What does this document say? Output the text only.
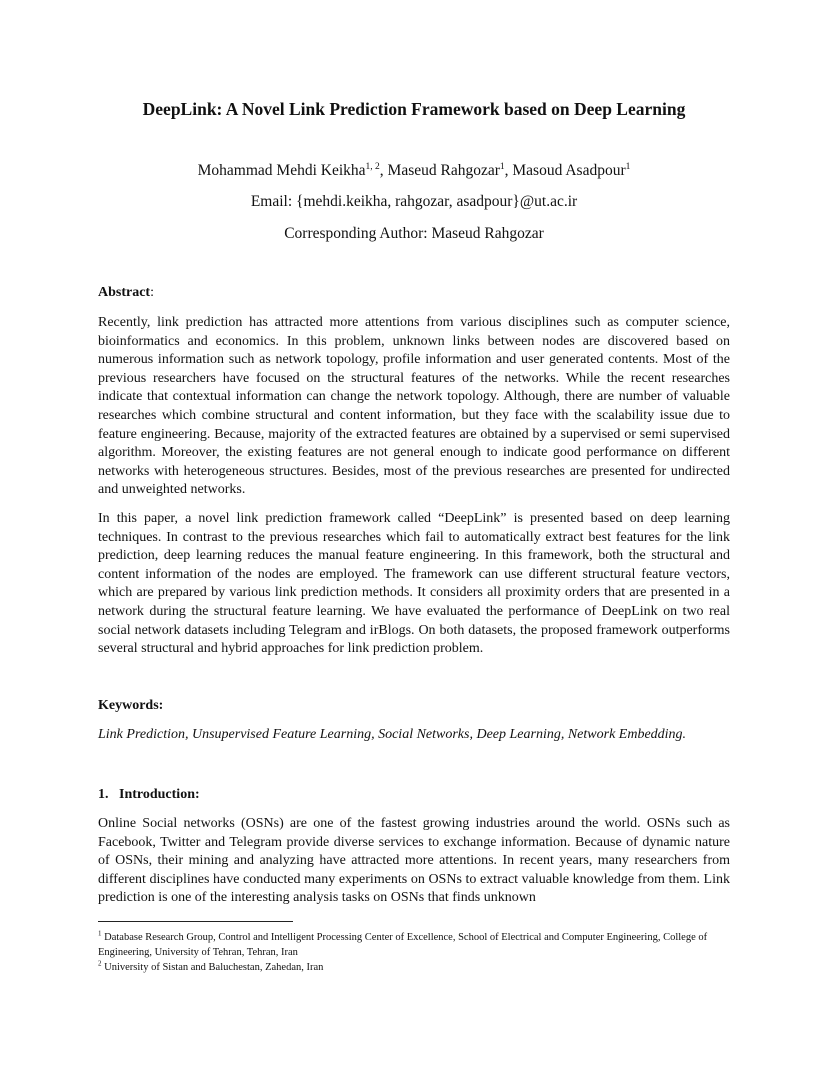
DeepLink: A Novel Link Prediction Framework based on Deep Learning
Mohammad Mehdi Keikha$^{1, 2}$, Maseud Rahgozar$^1$, Masoud Asadpour$^1$
Email: {mehdi.keikha, rahgozar, asadpour}@ut.ac.ir
Corresponding Author: Maseud Rahgozar
Abstract:

Recently, link prediction has attracted more attentions from various disciplines such as computer science, bioinformatics and economics. In this problem, unknown links between nodes are discovered based on numerous information such as network topology, profile information and user generated contents. Most of the previous researchers have focused on the structural features of the networks. While the recent researches indicate that contextual information can change the network topology. Although, there are number of valuable researches which combine structural and content information, but they face with the scalability issue due to feature engineering. Because, majority of the extracted features are obtained by a supervised or semi supervised algorithm. Moreover, the existing features are not general enough to indicate good performance on different networks with heterogeneous structures. Besides, most of the previous researches are presented for undirected and unweighted networks.

In this paper, a novel link prediction framework called “DeepLink” is presented based on deep learning techniques. In contrast to the previous researches which fail to automatically extract best features for the link prediction, deep learning reduces the manual feature engineering. In this framework, both the structural and content information of the nodes are employed. The framework can use different structural feature vectors, which are prepared by various link prediction methods. It considers all proximity orders that are presented in a network during the structural feature learning. We have evaluated the performance of DeepLink on two real social network datasets including Telegram and irBlogs. On both datasets, the proposed framework outperforms several structural and hybrid approaches for link prediction problem.

Keywords:
Link Prediction, Unsupervised Feature Learning, Social Networks, Deep Learning, Network Embedding.
1.   Introduction:

Online Social networks (OSNs) are one of the fastest growing industries around the world. OSNs such as Facebook, Twitter and Telegram provide diverse services to exchange information. Because of dynamic nature of OSNs, their mining and analyzing have attracted more attentions. In recent years, many researchers from different disciplines have conducted many experiments on OSNs to extract valuable knowledge from them. Link prediction is one of the interesting analysis tasks on OSNs that finds unknown

$^1$ Database Research Group, Control and Intelligent Processing Center of Excellence, School of Electrical and Computer Engineering, College of Engineering, University of Tehran, Tehran, Iran
$^2$ University of Sistan and Baluchestan, Zahedan, Iran
